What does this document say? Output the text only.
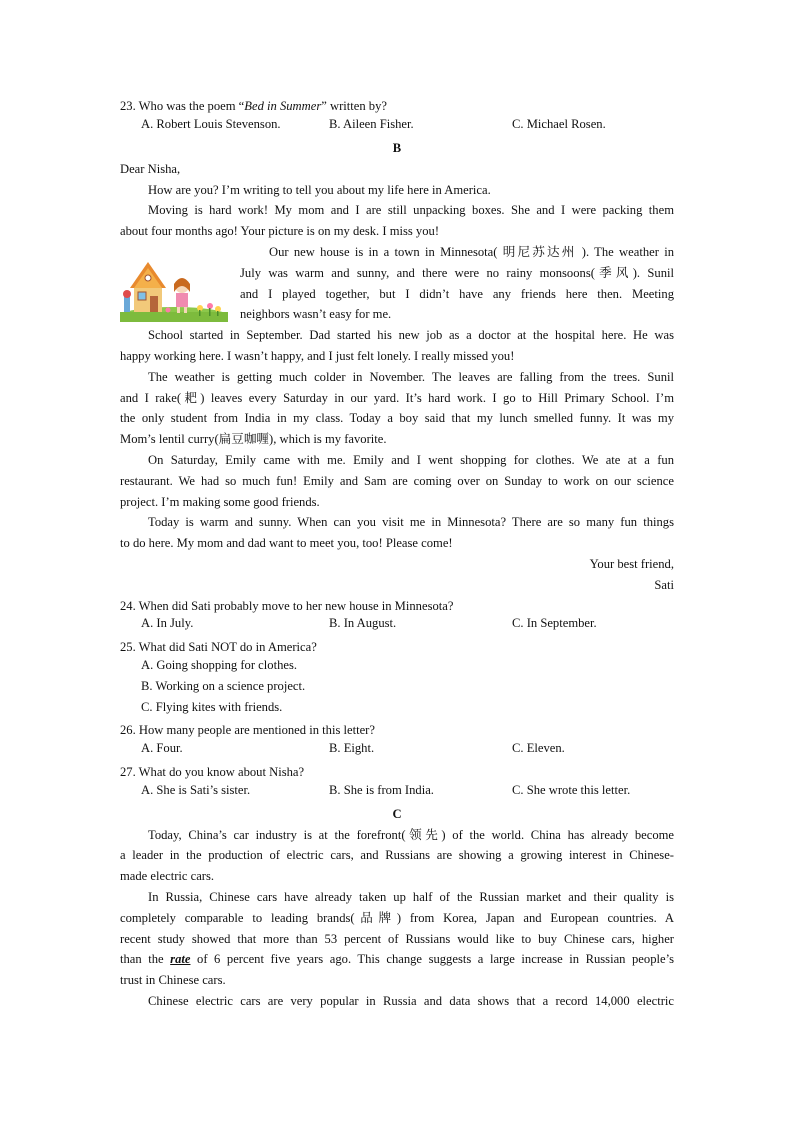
23. Who was the poem “Bed in Summer” written by?
A. Robert Louis Stevenson.	B. Aileen Fisher.	C. Michael Rosen.
B
Dear Nisha,
How are you? I’m writing to tell you about my life here in America.
Moving is hard work! My mom and I are still unpacking boxes. She and I were packing them
about four months ago! Your picture is on my desk. I miss you!
Our new house is in a town in Minnesota( 明尼苏达州 ). The weather in
July was warm and sunny, and there were no rainy monsoons(季风). Sunil
and I played together, but I didn’t have any friends here then. Meeting
neighbors wasn’t easy for me.
School started in September. Dad started his new job as a doctor at the hospital here. He was
happy working here. I wasn’t happy, and I just felt lonely. I really missed you!
The weather is getting much colder in November. The leaves are falling from the trees. Sunil
and I rake(耙) leaves every Saturday in our yard. It’s hard work. I go to Hill Primary School. I’m
the only student from India in my class. Today a boy said that my lunch smelled funny. It was my
Mom’s lentil curry(扁豆咖喱), which is my favorite.
On Saturday, Emily came with me. Emily and I went shopping for clothes. We ate at a fun
restaurant. We had so much fun! Emily and Sam are coming over on Sunday to work on our science
project. I’m making some good friends.
Today is warm and sunny. When can you visit me in Minnesota? There are so many fun things
to do here. My mom and dad want to meet you, too! Please come!
Your best friend,
Sati
24. When did Sati probably move to her new house in Minnesota?
A. In July.	B. In August.	C. In September.
25. What did Sati NOT do in America?
A. Going shopping for clothes.
B. Working on a science project.
C. Flying kites with friends.
26. How many people are mentioned in this letter?
A. Four.	B. Eight.	C. Eleven.
27. What do you know about Nisha?
A. She is Sati’s sister.	B. She is from India.	C. She wrote this letter.
C
Today, China’s car industry is at the forefront(领先) of the world. China has already become
a leader in the production of electric cars, and Russians are showing a growing interest in Chinese-
made electric cars.
In Russia, Chinese cars have already taken up half of the Russian market and their quality is
completely comparable to leading brands(品牌) from Korea, Japan and European countries. A
recent study showed that more than 53 percent of Russians would like to buy Chinese cars, higher
than the rate of 6 percent five years ago. This change suggests a large increase in Russian people’s
trust in Chinese cars.
Chinese electric cars are very popular in Russia and data shows that a record 14,000 electric
